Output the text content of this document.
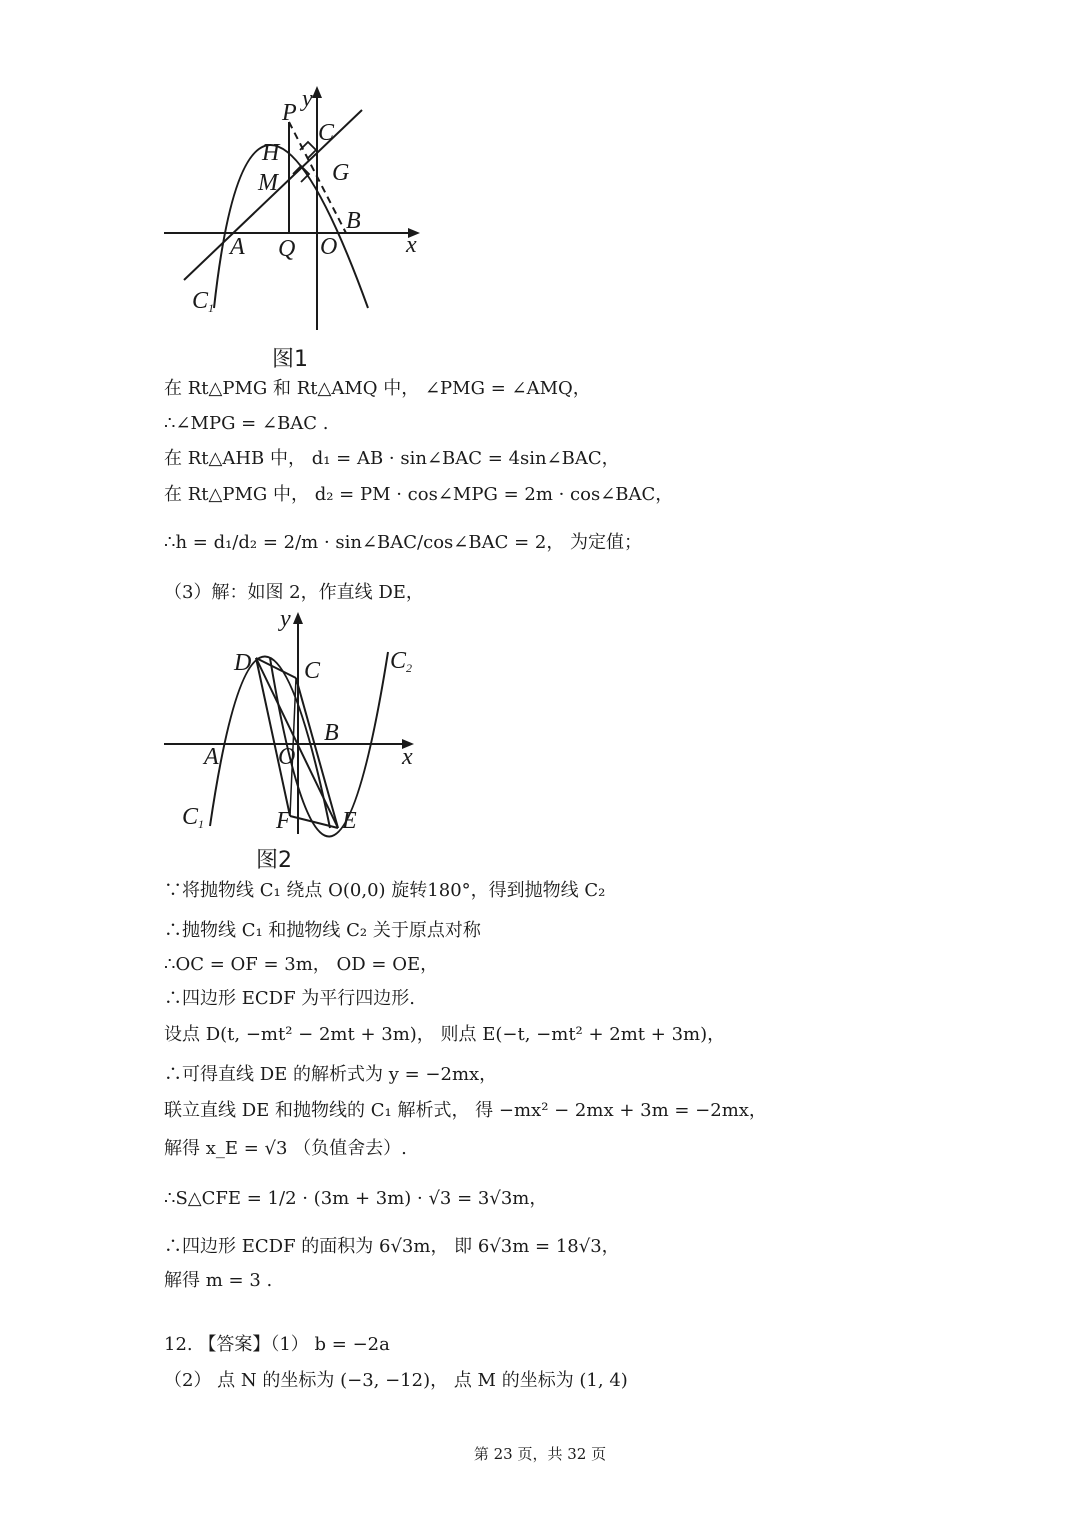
y
x
P
C
H
G
M
B
A Q O
C 1
图1
在 Rt△PMG 和 Rt△AMQ 中， ∠PMG = ∠AMQ，
∴∠MPG = ∠BAC .
在 Rt△AHB 中， d₁ = AB · sin∠BAC = 4sin∠BAC，
在 Rt△PMG 中， d₂ = PM · cos∠MPG = 2m · cos∠BAC，
∴h = d₁/d₂ = 2/m · sin∠BAC/cos∠BAC = 2， 为定值；
（3）解：如图 2，作直线 DE，
y
x
D C	C 2
B
A O
C 1	F E
图2
∵将抛物线 C₁ 绕点 O(0,0) 旋转180°，得到抛物线 C₂
∴抛物线 C₁ 和抛物线 C₂ 关于原点对称
∴OC = OF = 3m， OD = OE，
∴四边形 ECDF 为平行四边形.
设点 D(t, −mt² − 2mt + 3m)， 则点 E(−t, −mt² + 2mt + 3m)，
∴可得直线 DE 的解析式为 y = −2mx，
联立直线 DE 和抛物线的 C₁ 解析式， 得 −mx² − 2mx + 3m = −2mx，
解得 x_E = √3 （负值舍去）.
∴S△CFE = 1/2 · (3m + 3m) · √3 = 3√3m，
∴四边形 ECDF 的面积为 6√3m， 即 6√3m = 18√3，
解得 m = 3 .
12. 【答案】（1） b = −2a
（2） 点 N 的坐标为 (−3, −12)， 点 M 的坐标为 (1, 4)
第 23 页，共 32 页
